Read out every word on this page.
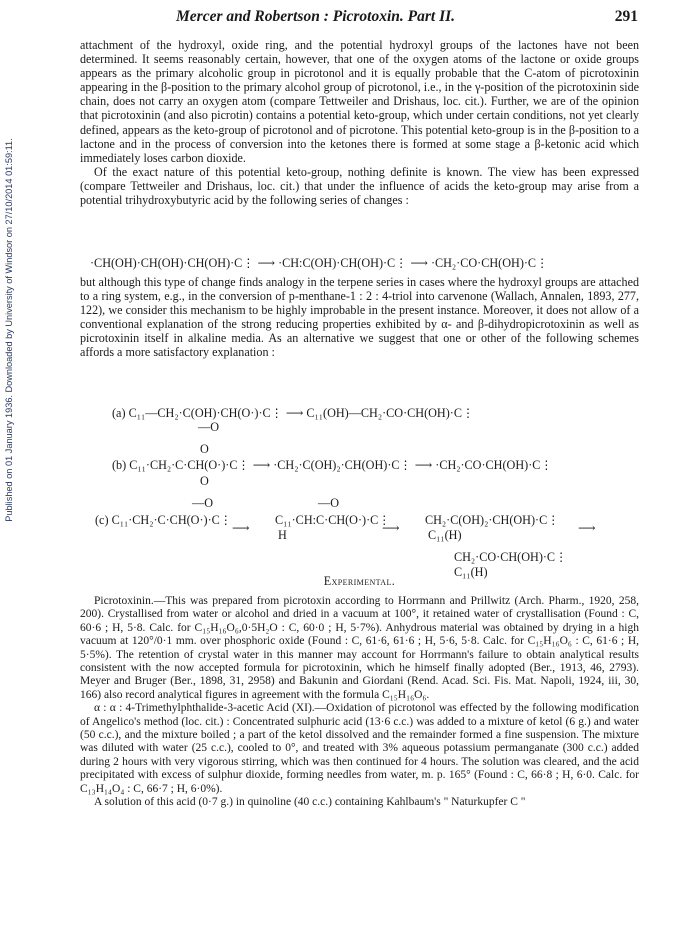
Published on 01 January 1936. Downloaded by University of Windsor on 27/10/2014 01:59:11.
Mercer and Robertson : Picrotoxin. Part II.	291

attachment of the hydroxyl, oxide ring, and the potential hydroxyl groups of the lactones have not been determined. It seems reasonably certain, however, that one of the oxygen atoms of the lactone or oxide groups appears as the primary alcoholic group in picrotonol and it is equally probable that the C-atom of picrotoxinin appearing in the β-position to the primary alcohol group of picrotonol, i.e., in the γ-position of the picrotoxinin side chain, does not carry an oxygen atom (compare Tettweiler and Drishaus, loc. cit.). Further, we are of the opinion that picrotoxinin (and also picrotin) contains a potential keto-group, which under certain conditions, not yet clearly defined, appears as the keto-group of picrotonol and of picrotone. This potential keto-group is in the β-position to a lactone and in the process of conversion into the ketones there is formed at some stage a β-ketonic acid which immediately loses carbon dioxide.

Of the exact nature of this potential keto-group, nothing definite is known. The view has been expressed (compare Tettweiler and Drishaus, loc. cit.) that under the influence of acids the keto-group may arise from a potential trihydroxybutyric acid by the following series of changes :

·CH(OH)·CH(OH)·CH(OH)·C⋮ ⟶ ·CH:C(OH)·CH(OH)·C⋮ ⟶ ·CH₂·CO·CH(OH)·C⋮

but although this type of change finds analogy in the terpene series in cases where the hydroxyl groups are attached to a ring system, e.g., in the conversion of p-menthane-1 : 2 : 4-triol into carvenone (Wallach, Annalen, 1893, 277, 122), we consider this mechanism to be highly improbable in the present instance. Moreover, it does not allow of a conventional explanation of the strong reducing properties exhibited by α- and β-dihydropicrotoxinin as well as picrotoxinin itself in alkaline media. As an alternative we suggest that one or other of the following schemes affords a more satisfactory explanation :

(a) C₁₁—CH₂·C(OH)·CH(O·)·C⋮ ⟶ C₁₁(OH)—CH₂·CO·CH(OH)·C⋮
—O
O
(b) C₁₁·CH₂·C·CH(O·)·C⋮ ⟶ ·CH₂·C(OH)₂·CH(OH)·C⋮ ⟶ ·CH₂·CO·CH(OH)·C⋮
O
—O	—O
(c) C₁₁·CH₂·C·CH(O·)·C⋮
⟶
C₁₁·CH:C·CH(O·)·C⋮
H	⟶
CH₂·C(OH)₂·CH(OH)·C⋮
C₁₁(H)	⟶
CH₂·CO·CH(OH)·C⋮
C₁₁(H)

Experimental.

Picrotoxinin.—This was prepared from picrotoxin according to Horrmann and Prillwitz (Arch. Pharm., 1920, 258, 200). Crystallised from water or alcohol and dried in a vacuum at 100°, it retained water of crystallisation (Found : C, 60·6 ; H, 5·8. Calc. for C₁₅H₁₆O₆,0·5H₂O : C, 60·0 ; H, 5·7%). Anhydrous material was obtained by drying in a high vacuum at 120°/0·1 mm. over phosphoric oxide (Found : C, 61·6, 61·6 ; H, 5·6, 5·8. Calc. for C₁₅H₁₆O₆ : C, 61·6 ; H, 5·5%). The retention of crystal water in this manner may account for Horrmann's failure to obtain analytical results consistent with the now accepted formula for picrotoxinin, which he himself finally adopted (Ber., 1913, 46, 2793). Meyer and Bruger (Ber., 1898, 31, 2958) and Bakunin and Giordani (Rend. Acad. Sci. Fis. Mat. Napoli, 1924, iii, 30, 166) also record analytical figures in agreement with the formula C₁₅H₁₆O₆.

α : α : 4-Trimethylphthalide-3-acetic Acid (XI).—Oxidation of picrotonol was effected by the following modification of Angelico's method (loc. cit.) : Concentrated sulphuric acid (13·6 c.c.) was added to a mixture of ketol (6 g.) and water (50 c.c.), and the mixture boiled ; a part of the ketol dissolved and the remainder formed a fine suspension. The mixture was diluted with water (25 c.c.), cooled to 0°, and treated with 3% aqueous potassium permanganate (300 c.c.) added during 2 hours with very vigorous stirring, which was then continued for 4 hours. The solution was cleared, and the acid precipitated with excess of sulphur dioxide, forming needles from water, m. p. 165° (Found : C, 66·8 ; H, 6·0. Calc. for C₁₃H₁₄O₄ : C, 66·7 ; H, 6·0%).

A solution of this acid (0·7 g.) in quinoline (40 c.c.) containing Kahlbaum's " Naturkupfer C "
